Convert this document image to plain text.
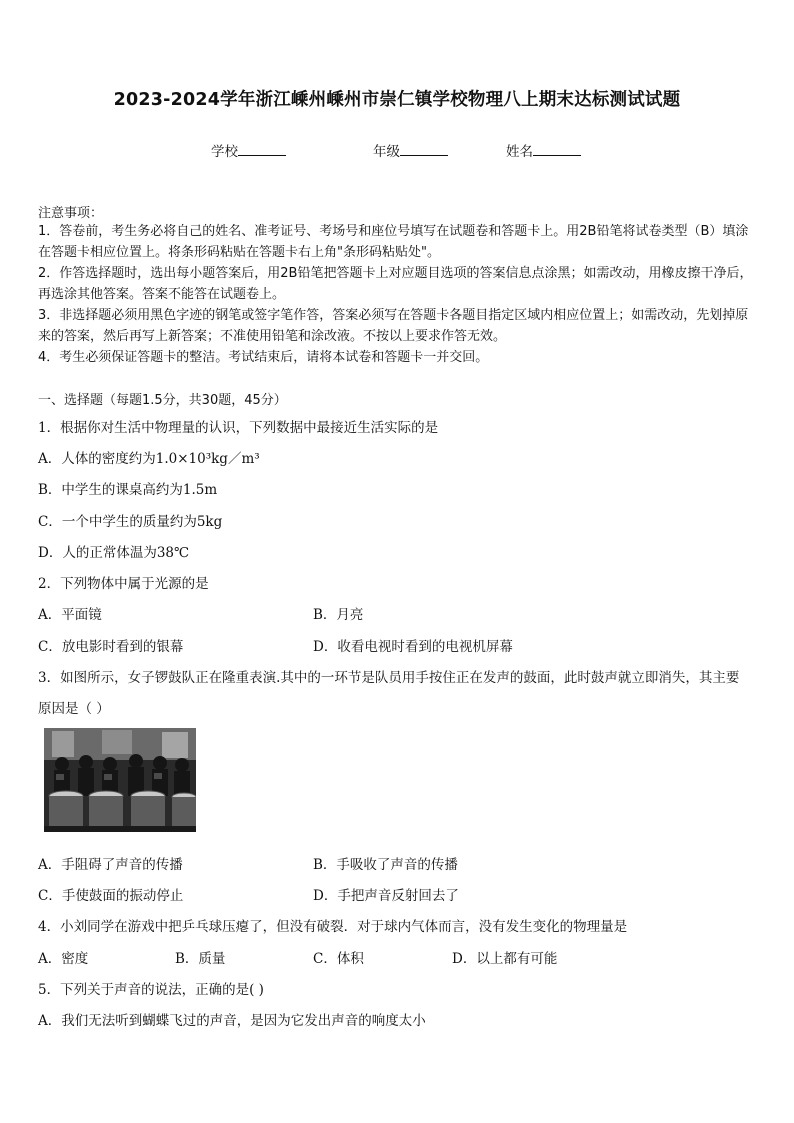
2023-2024学年浙江嵊州嵊州市崇仁镇学校物理八上期末达标测试试题
学校	年级	姓名
注意事项：
1．答卷前，考生务必将自己的姓名、准考证号、考场号和座位号填写在试题卷和答题卡上。用2B铅笔将试卷类型（B）填涂在答题卡相应位置上。将条形码粘贴在答题卡右上角"条形码粘贴处"。
2．作答选择题时，选出每小题答案后，用2B铅笔把答题卡上对应题目选项的答案信息点涂黑；如需改动，用橡皮擦干净后，再选涂其他答案。答案不能答在试题卷上。
3．非选择题必须用黑色字迹的钢笔或签字笔作答，答案必须写在答题卡各题目指定区域内相应位置上；如需改动，先划掉原来的答案，然后再写上新答案；不准使用铅笔和涂改液。不按以上要求作答无效。
4．考生必须保证答题卡的整洁。考试结束后，请将本试卷和答题卡一并交回。
一、选择题（每题1.5分，共30题，45分）
1．根据你对生活中物理量的认识，下列数据中最接近生活实际的是
A．人体的密度约为1.0×10³kg／m³
B．中学生的课桌高约为1.5m
C．一个中学生的质量约为5kg
D．人的正常体温为38℃
2．下列物体中属于光源的是
A．平面镜	B．月亮
C．放电影时看到的银幕	D．收看电视时看到的电视机屏幕
3．如图所示，女子锣鼓队正在隆重表演.其中的一环节是队员用手按住正在发声的鼓面，此时鼓声就立即消失，其主要
原因是（ ）
A．手阻碍了声音的传播	B．手吸收了声音的传播
C．手使鼓面的振动停止	D．手把声音反射回去了
4．小刘同学在游戏中把乒乓球压瘪了，但没有破裂．对于球内气体而言，没有发生变化的物理量是
A．密度	B．质量	C．体积	D．以上都有可能
5．下列关于声音的说法，正确的是( )
A．我们无法听到蝴蝶飞过的声音，是因为它发出声音的响度太小
